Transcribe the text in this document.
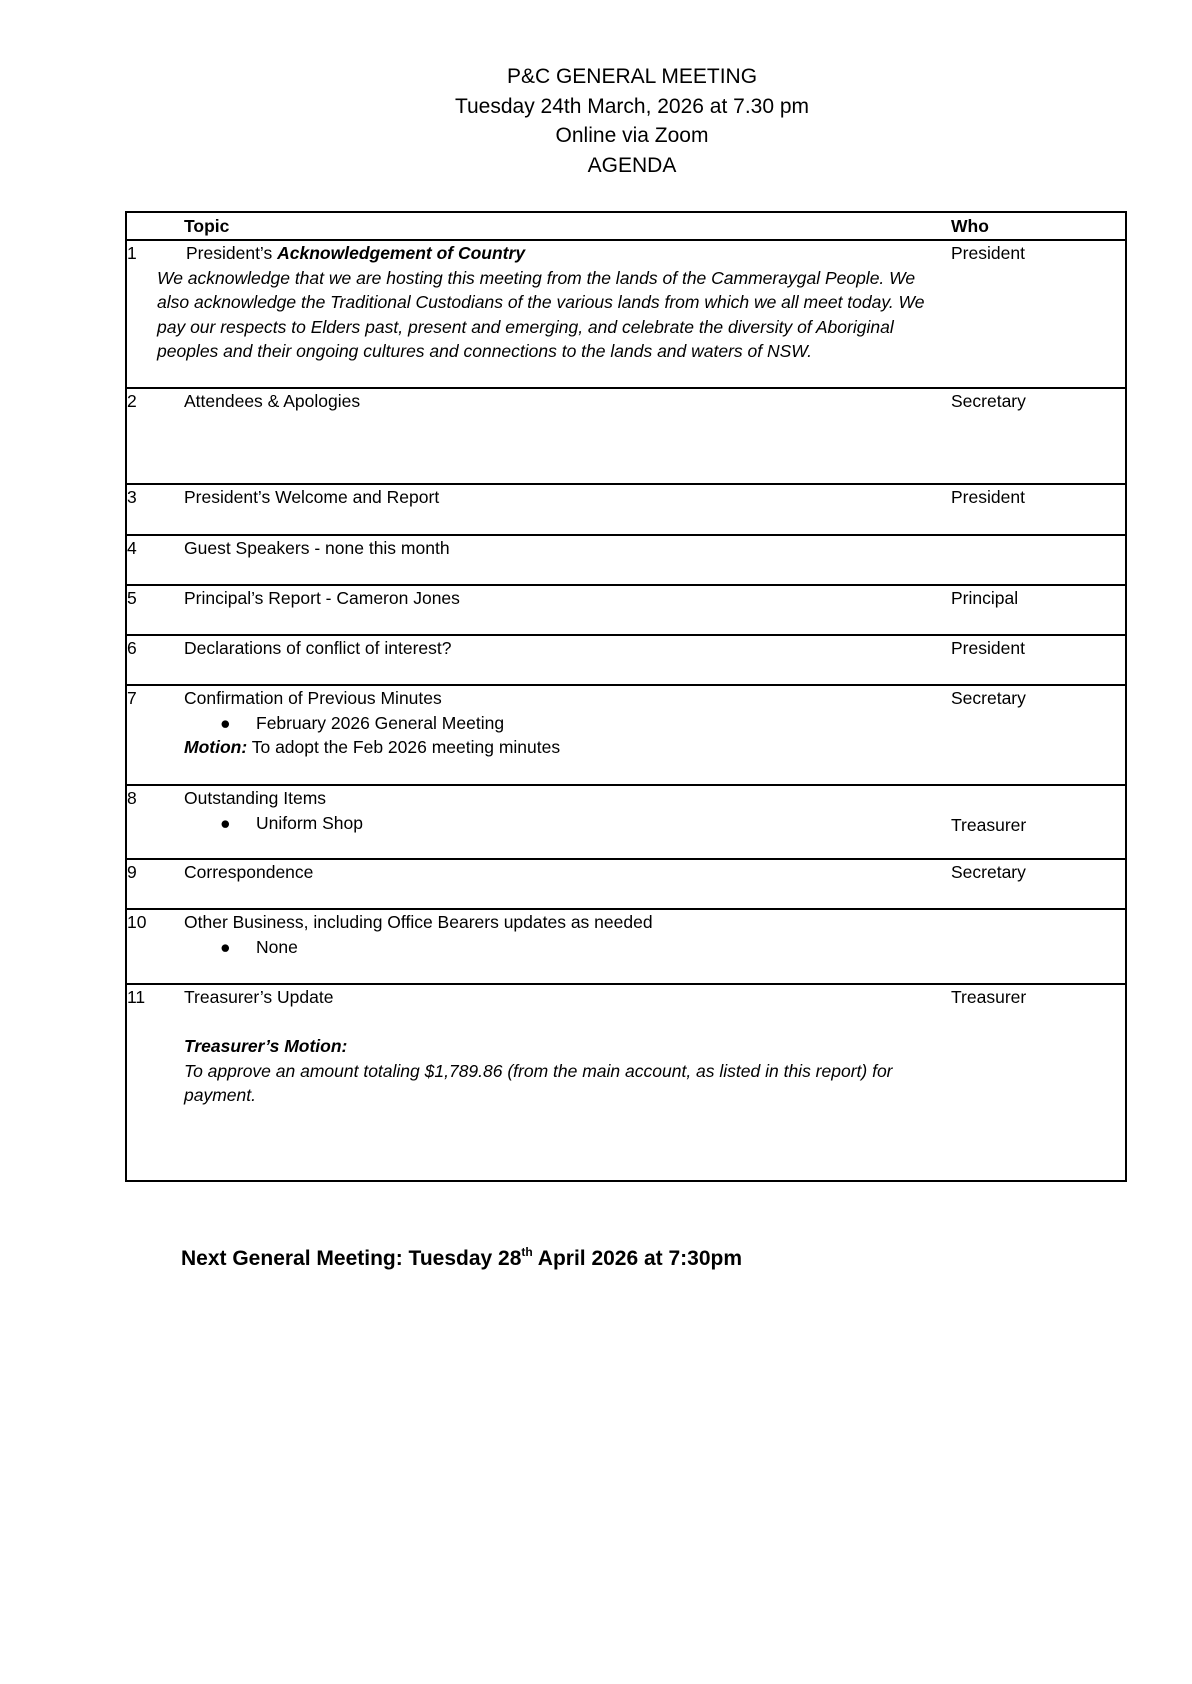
P&C GENERAL MEETING
Tuesday 24th March, 2026 at 7.30 pm
Online via Zoom
AGENDA
	Topic	Who
1	President’s Acknowledgement of Country
We acknowledge that we are hosting this meeting from the lands of the Cammeraygal People. We also acknowledge the Traditional Custodians of the various lands from which we all meet today. We pay our respects to Elders past, present and emerging, and celebrate the diversity of Aboriginal peoples and their ongoing cultures and connections to the lands and waters of NSW.	President
2	Attendees & Apologies	Secretary
3	President’s Welcome and Report	President
4	Guest Speakers - none this month	
5	Principal’s Report - Cameron Jones	Principal
6	Declarations of conflict of interest?	President
7	Confirmation of Previous Minutes
● February 2026 General Meeting
Motion: To adopt the Feb 2026 meeting minutes	Secretary
8	Outstanding Items
● Uniform Shop	Treasurer
9	Correspondence	Secretary
10	Other Business, including Office Bearers updates as needed
● None	

11	Treasurer’s Update
Treasurer’s Motion:
To approve an amount totaling $1,789.86 (from the main account, as listed in this report) for payment.	Treasurer
Next General Meeting: Tuesday 28th April 2026 at 7:30pm
